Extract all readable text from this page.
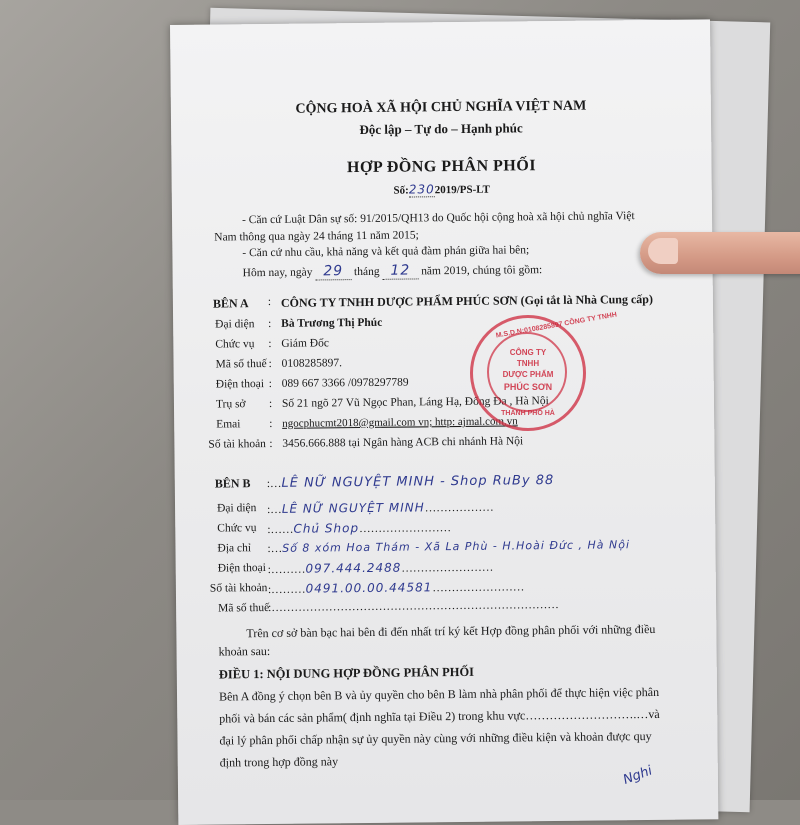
CỘNG HOÀ XÃ HỘI CHỦ NGHĨA VIỆT NAM
Độc lập – Tự do – Hạnh phúc
HỢP ĐỒNG PHÂN PHỐI
Số:2302019/PS-LT
- Căn cứ Luật Dân sự số: 91/2015/QH13 do Quốc hội cộng hoà xã hội chủ nghĩa Việt
Nam thông qua ngày 24 tháng 11 năm 2015;
- Căn cứ nhu cầu, khả năng và kết quả đàm phán giữa hai bên;
Hôm nay, ngày 29 tháng 12 năm 2019, chúng tôi gồm:
BÊN A : CÔNG TY TNHH DƯỢC PHẨM PHÚC SƠN (Gọi tắt là Nhà Cung cấp)
Đại diện : Bà Trương Thị Phúc
Chức vụ : Giám Đốc
Mã số thuế : 0108285897.
Điện thoại : 089 667 3366 /0978297789
Trụ sở : Số 21 ngõ 27 Vũ Ngọc Phan, Láng Hạ, Đống Đa , Hà Nội
Emai : ngocphucmt2018@gmail.com vn; http: ajmal.com.vn
Số tài khoản : 3456.666.888 tại Ngân hàng ACB chi nhánh Hà Nội
BÊN B :…LÊ NỮ NGUYỆT MINH - Shop RuBy 88
Đại diện :…LÊ NỮ NGUYỆT MINH………………
Chức vụ :……Chủ Shop……………………
Địa chỉ :…Số 8 xóm Hoa Thám - Xã La Phù - H.Hoài Đức , Hà Nội
Điện thoại :………097.444.2488……………………
Số tài khoản :………0491.00.00.44581……………………
Mã số thuế
:…………………………………………………………………
Trên cơ sở bàn bạc hai bên đi đến nhất trí ký kết Hợp đồng phân phối với những điều
khoản sau:
ĐIỀU 1: NỘI DUNG HỢP ĐỒNG PHÂN PHỐI
Bên A đồng ý chọn bên B và ủy quyền cho bên B làm nhà phân phối để thực hiện việc phân
phối và bán các sản phẩm( định nghĩa tại Điều 2) trong khu vực……………………….…và
đại lý phân phối chấp nhận sự ủy quyền này cùng với những điều kiện và khoản được quy
định trong hợp đồng này
Nghi
M.S.D.N:0108285897 CÔNG TY TNHH
CÔNG TY
TNHH
DƯỢC PHẨM
PHÚC SƠN
THÀNH PHỐ HÀ
